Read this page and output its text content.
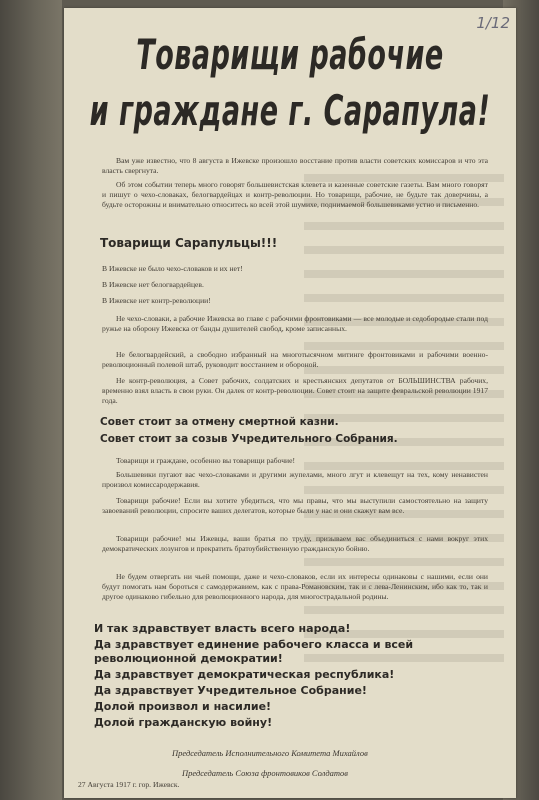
1/12
Товарищи рабочие
и граждане г. Сарапула!
Вам уже известно, что 8 августа в Ижевске произошло восстание против власти советских комиссаров и что эта власть свергнута.
Об этом событии теперь много говорят большевистская клевета и казенные советские газеты. Вам много говорят и пишут о чехо-словаках, белогвардейцах и контр-революции. Но товарищи, рабочие, не будьте так доверчивы, а будьте осторожны и внимательно относитесь ко всей этой шумихе, поднимаемой большевиками устно и письменно.
Товарищи Сарапульцы!!!
В Ижевске не было чехо-словаков и их нет!
В Ижевске нет белогвардейцев.
В Ижевске нет контр-революции!
Не чехо-словаки, а рабочие Ижевска во главе с рабочими фронтовиками — все молодые и седобородые стали под ружье на оборону Ижевска от банды душителей свобод, кроме записанных.
Не белогвардейский, а свободно избранный на многотысячном митинге фронтовиками и рабочими военно-революционный полевой штаб, руководит восстанием и обороной.
Не контр-революция, а Совет рабочих, солдатских и крестьянских депутатов от БОЛЬШИНСТВА рабочих, временно взял власть в свои руки. Он далек от контр-революции. Совет стоит на защите февральской революции 1917 года.
Совет стоит за отмену смертной казни.
Совет стоит за созыв Учредительного Собрания.
Товарищи и граждане, особенно вы товарищи рабочие!
Большевики пугают вас чехо-словаками и другими жупелами, много лгут и клевещут на тех, кому ненавистен произвол комиссародержавия.
Товарищи рабочие! Если вы хотите убедиться, что мы правы, что мы выступили самостоятельно на защиту завоеваний революции, спросите ваших делегатов, которые были у нас и они скажут вам все.
Товарищи рабочие! мы Ижевцы, ваши братья по труду, призываем вас объединиться с нами вокруг этих демократических лозунгов и прекратить братоубийственную гражданскую бойню.
Не будем отвергать ни чьей помощи, даже и чехо-словаков, если их интересы одинаковы с нашими, если они будут помогать нам бороться с самодержавием, как с права-Романовским, так и с лева-Ленинским, ибо как то, так и другое одинаково гибельно для революционного народа, для многострадальной родины.
И так здравствует власть всего народа!
Да здравствует единение рабочего класса и всей революционной демократии!
Да здравствует демократическая республика!
Да здравствует Учредительное Собрание!
Долой произвол и насилие!
Долой гражданскую войну!
Председатель Исполнительного Комитета Михайлов
Председатель Союза фронтовиков Солдатов
27 Августа 1917 г. гор. Ижевск.
